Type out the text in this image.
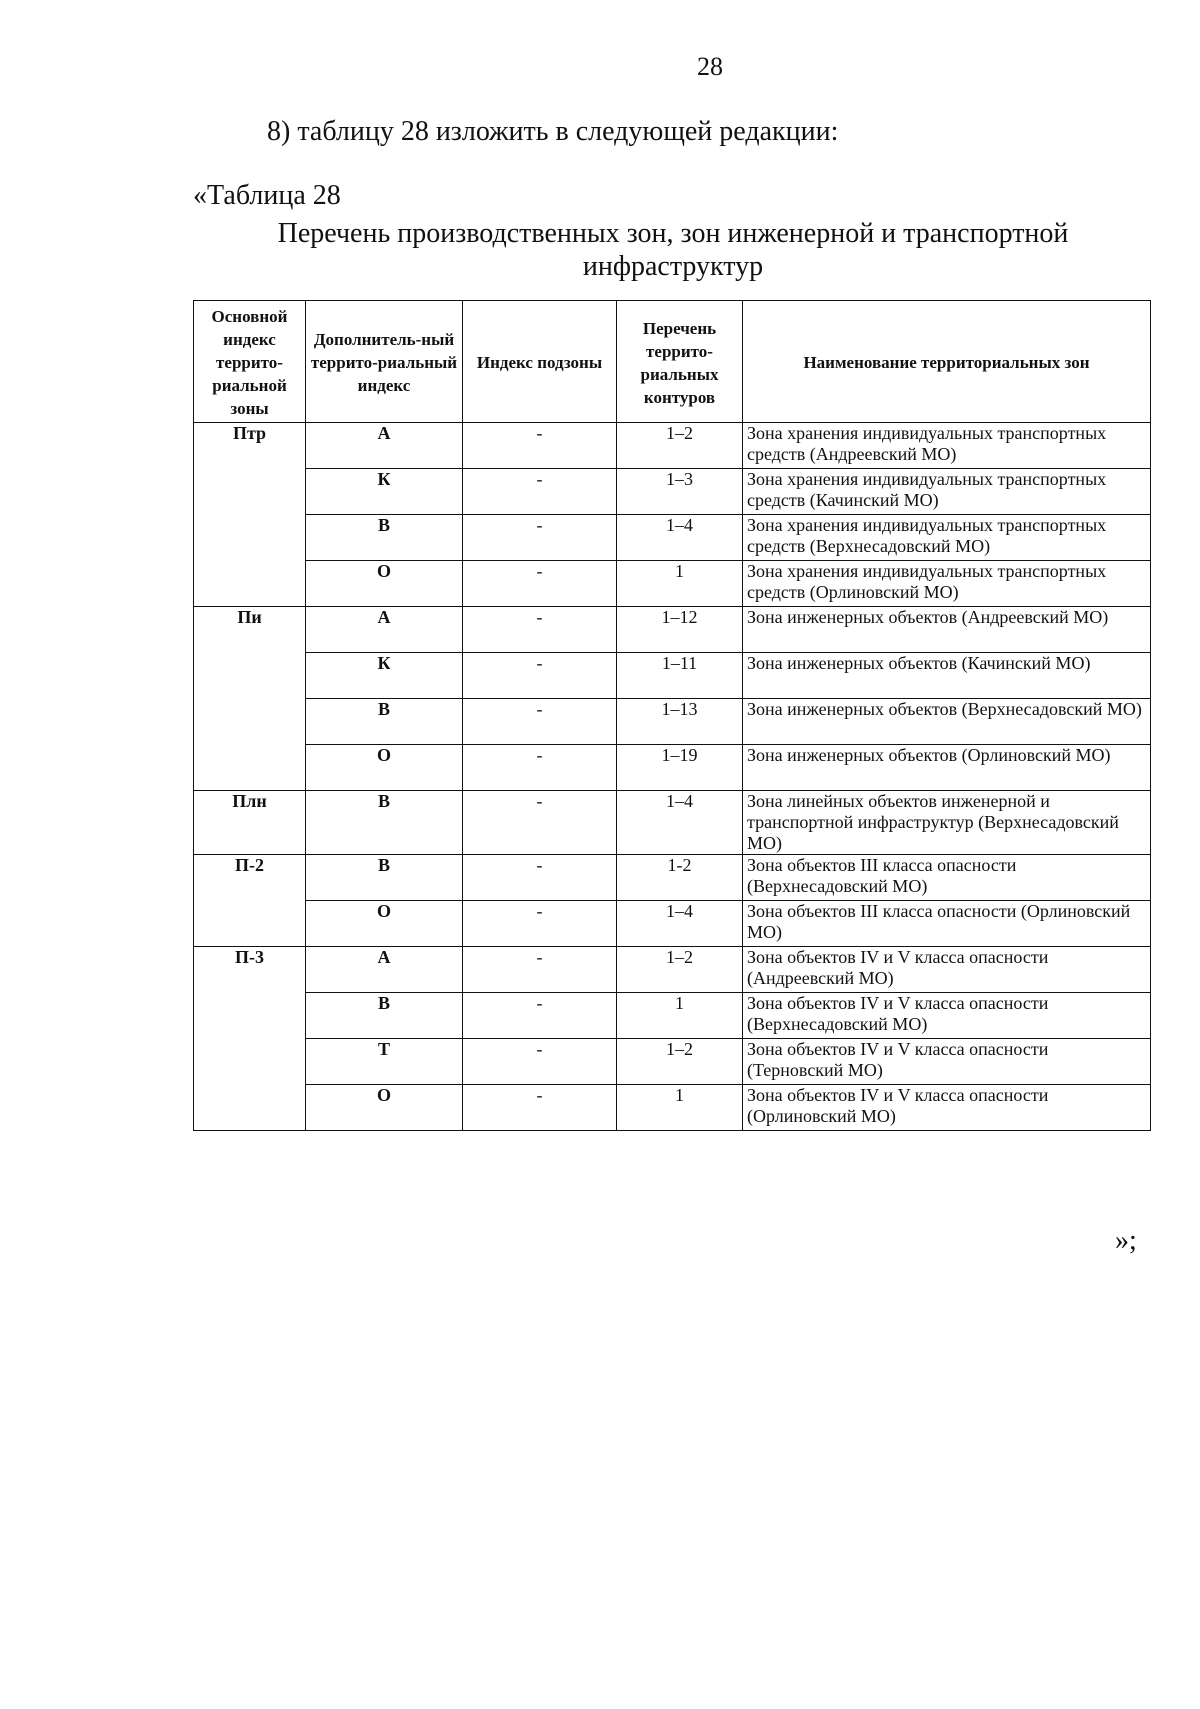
28
8) таблицу 28 изложить в следующей редакции:
«Таблица 28
Перечень производственных зон, зон инженерной и транспортной инфраструктур
Основной индекс террито-риальной зоны	Дополнитель-ный террито-риальный индекс	Индекс подзоны	Перечень террито-риальных контуров	Наименование территориальных зон
Птр	А	-	1–2	Зона хранения индивидуальных транспортных средств (Андреевский МО)
	К	-	1–3	Зона хранения индивидуальных транспортных средств (Качинский МО)
	В	-	1–4	Зона хранения индивидуальных транспортных средств (Верхнесадовский МО)
	О	-	1	Зона хранения индивидуальных транспортных средств (Орлиновский МО)
Пи	А	-	1–12	Зона инженерных объектов (Андреевский МО)
	К	-	1–11	Зона инженерных объектов (Качинский МО)
	В	-	1–13	Зона инженерных объектов (Верхнесадовский МО)
	О	-	1–19	Зона инженерных объектов (Орлиновский МО)
Плн	В	-	1–4	Зона линейных объектов инженерной и транспортной инфраструктур (Верхнесадовский МО)
П-2	В	-	1-2	Зона объектов III класса опасности (Верхнесадовский МО)
	О	-	1–4	Зона объектов III класса опасности (Орлиновский МО)
П-3	А	-	1–2	Зона объектов IV и V класса опасности (Андреевский МО)
	В	-	1	Зона объектов IV и V класса опасности (Верхнесадовский МО)
	Т	-	1–2	Зона объектов IV и V класса опасности (Терновский МО)
	О	-	1	Зона объектов IV и V класса опасности (Орлиновский МО)
»;
